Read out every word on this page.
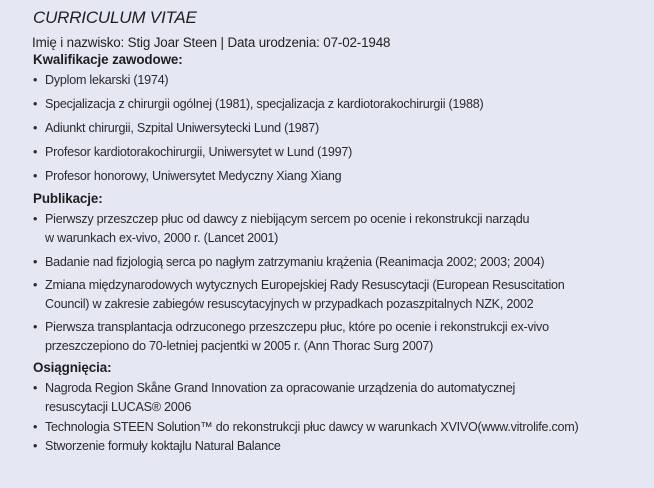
CURRICULUM VITAE
Imię i nazwisko: Stig Joar Steen | Data urodzenia: 07-02-1948
Kwalifikacje zawodowe:
• Dyplom lekarski (1974)
• Specjalizacja z chirurgii ogólnej (1981), specjalizacja z kardiotorakochirurgii (1988)
• Adiunkt chirurgii, Szpital Uniwersytecki Lund (1987)
• Profesor kardiotorakochirurgii, Uniwersytet w Lund (1997)
• Profesor honorowy, Uniwersytet Medyczny Xiang Xiang
Publikacje:
• Pierwszy przeszczep płuc od dawcy z niebijącym sercem po ocenie i rekonstrukcji narządu
w warunkach ex-vivo, 2000 r. (Lancet 2001)
• Badanie nad fizjologią serca po nagłym zatrzymaniu krążenia (Reanimacja 2002; 2003; 2004)
• Zmiana międzynarodowych wytycznych Europejskiej Rady Resuscytacji (European Resuscitation
Council) w zakresie zabiegów resuscytacyjnych w przypadkach pozaszpitalnych NZK, 2002
• Pierwsza transplantacja odrzuconego przeszczepu płuc, które po ocenie i rekonstrukcji ex-vivo
przeszczepiono do 70-letniej pacjentki w 2005 r. (Ann Thorac Surg 2007)
Osiągnięcia:
• Nagroda Region Skåne Grand Innovation za opracowanie urządzenia do automatycznej
resuscytacji LUCAS® 2006
• Technologia STEEN Solution™ do rekonstrukcji płuc dawcy w warunkach XVIVO(www.vitrolife.com)
• Stworzenie formuły koktajlu Natural Balance
